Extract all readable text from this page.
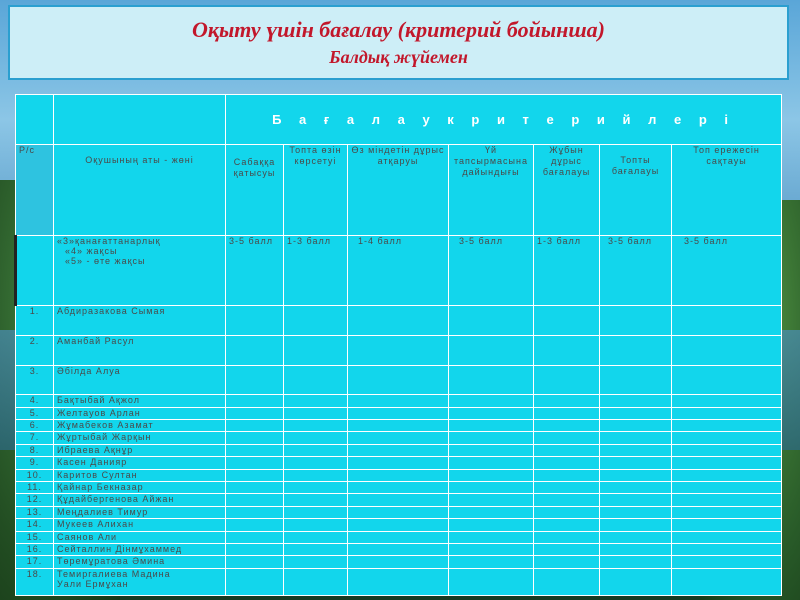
Оқыту үшін бағалау (критерий бойынша)
Балдық жүйемен
		Б а ғ а л а у к р и т е р и й л е р і						
Р/с	Оқушының аты - жөні	Сабаққа қатысуы	Топта өзін көрсетуі	Өз міндетін дұрыс атқаруы	Үй тапсырмасына дайындығы	Жұбын дұрыс бағалауы	Топты бағалауы	Топ ережесін сақтауы

	«3»қанағаттанарлық
«4» жақсы
«5» - өте жақсы	3-5 балл	1-3 балл	1-4 балл	3-5 балл	1-3 балл	3-5 балл	3-5 балл
1.	Абдиразакова Сымая							

2.	Аманбай Расул							

3.	Әбілда Алуа							

4.	Бақтыбай Ақжол							

5.	Желтауов Арлан							

6.	Жұмабеков Азамат							

7.	Жұртыбай Жарқын							

8.	Ибраева Ақнұр							

9.	Касен Данияр							

10.	Каритов Султан							

11.	Қайнар Бекназар							

12.	Құдайбергенова Айжан							

13.	Меңдалиев Тимур							

14.	Мукеев Алихан							

15.	Саянов Али							

16.	Сейталлин Дінмұхаммед							

17.	Төремұратова Әмина							

18.	Темиргалиева Мадина
Уали Ермұхан							
